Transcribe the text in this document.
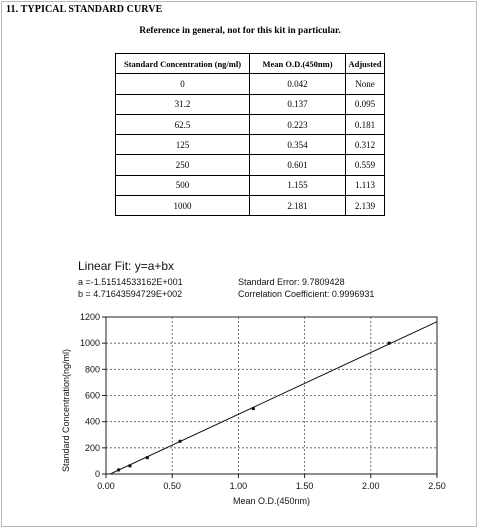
11. TYPICAL STANDARD CURVE
Reference in general, not for this kit in particular.
Standard Concentration (ng/ml)	Mean O.D.(450nm)	Adjusted
0	0.042	None
31.2	0.137	0.095
62.5	0.223	0.181
125	0.354	0.312
250	0.601	0.559
500	1.155	1.113
1000	2.181	2.139
Linear Fit: y=a+bx
a =-1.51514533162E+001
b = 4.71643594729E+002
Standard Error: 9.7809428
Correlation Coefficient: 0.9996931
0
200
400
600
800
1000
1200
0.00	0.50	1.00	1.50	2.00	2.50
Mean O.D.(450nm)
Standard Concentration(ng/ml)
